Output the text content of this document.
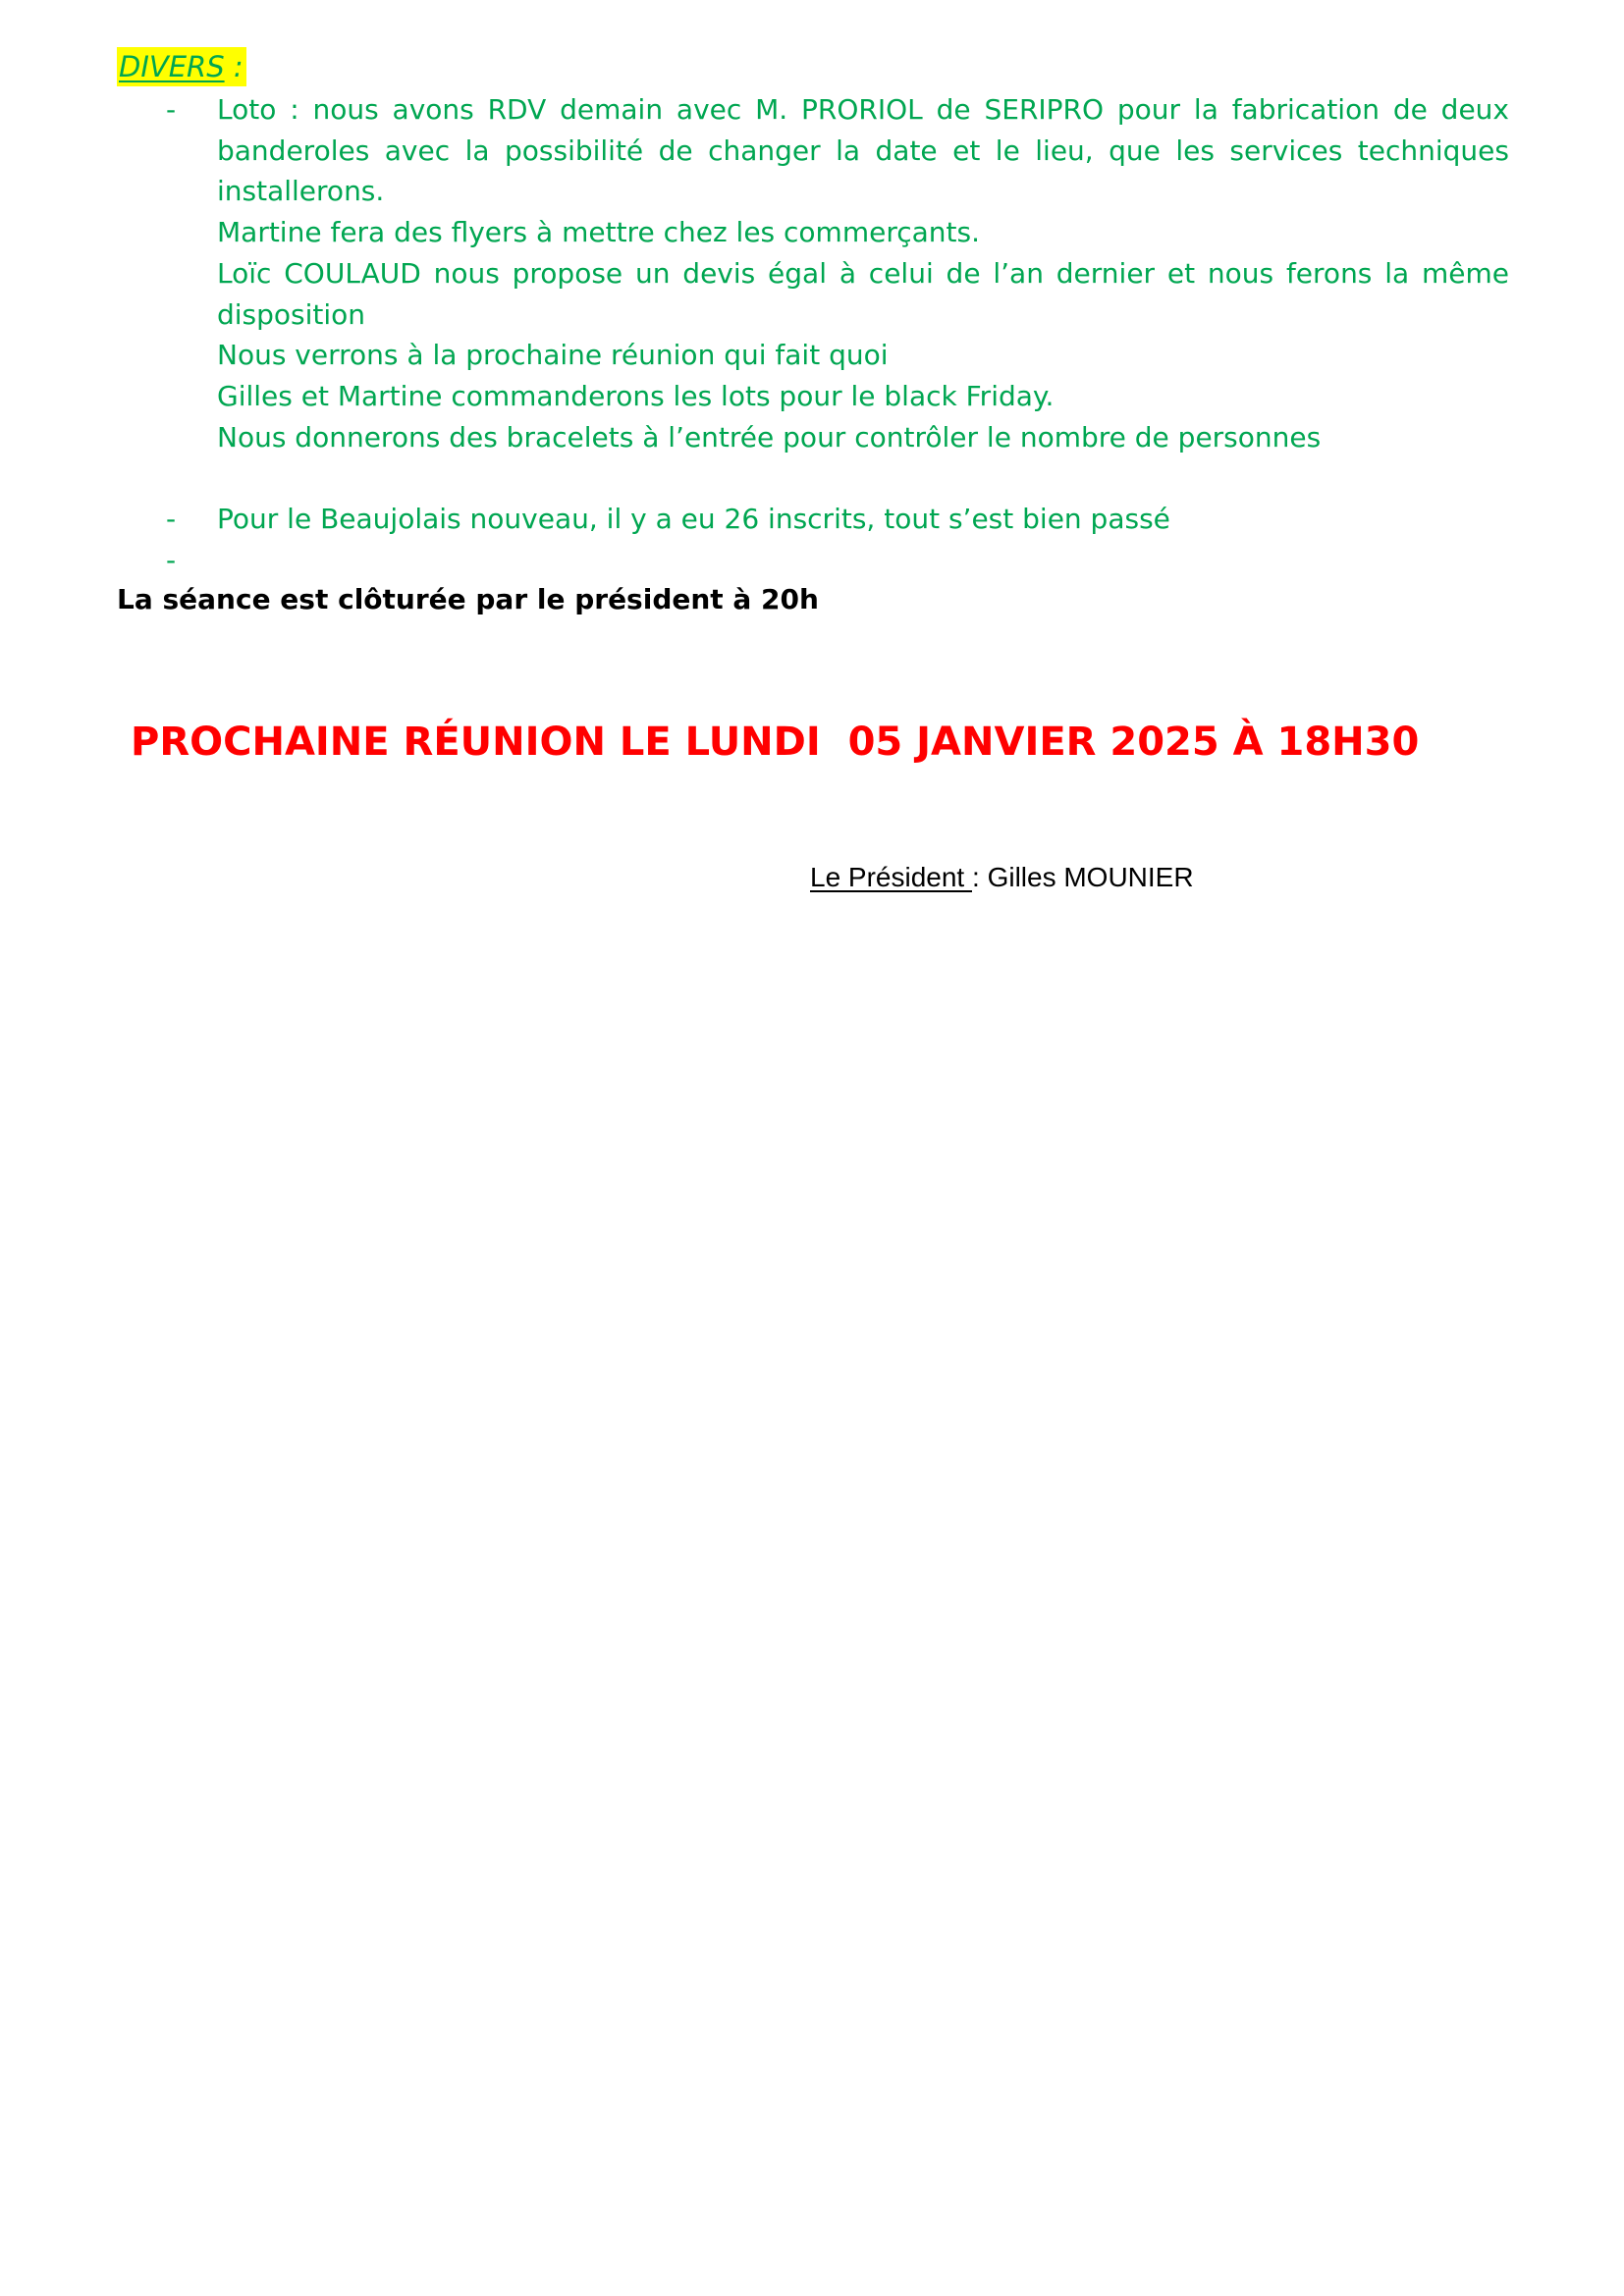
DIVERS :
- Loto : nous avons RDV demain avec M. PRORIOL de SERIPRO pour la fabrication de deux banderoles avec la possibilité de changer la date et le lieu, que les services techniques installerons.

Martine fera des flyers à mettre chez les commerçants.

Loïc COULAUD nous propose un devis égal à celui de l’an dernier et nous ferons la même disposition

Nous verrons à la prochaine réunion qui fait quoi

Gilles et Martine commanderons les lots pour le black Friday.

Nous donnerons des bracelets à l’entrée pour contrôler le nombre de personnes

- Pour le Beaujolais nouveau, il y a eu 26 inscrits, tout s’est bien passé

-

La séance est clôturée par le président à 20h
PROCHAINE RÉUNION LE LUNDI  05 JANVIER 2025 À 18H30
Le Président : Gilles MOUNIER
